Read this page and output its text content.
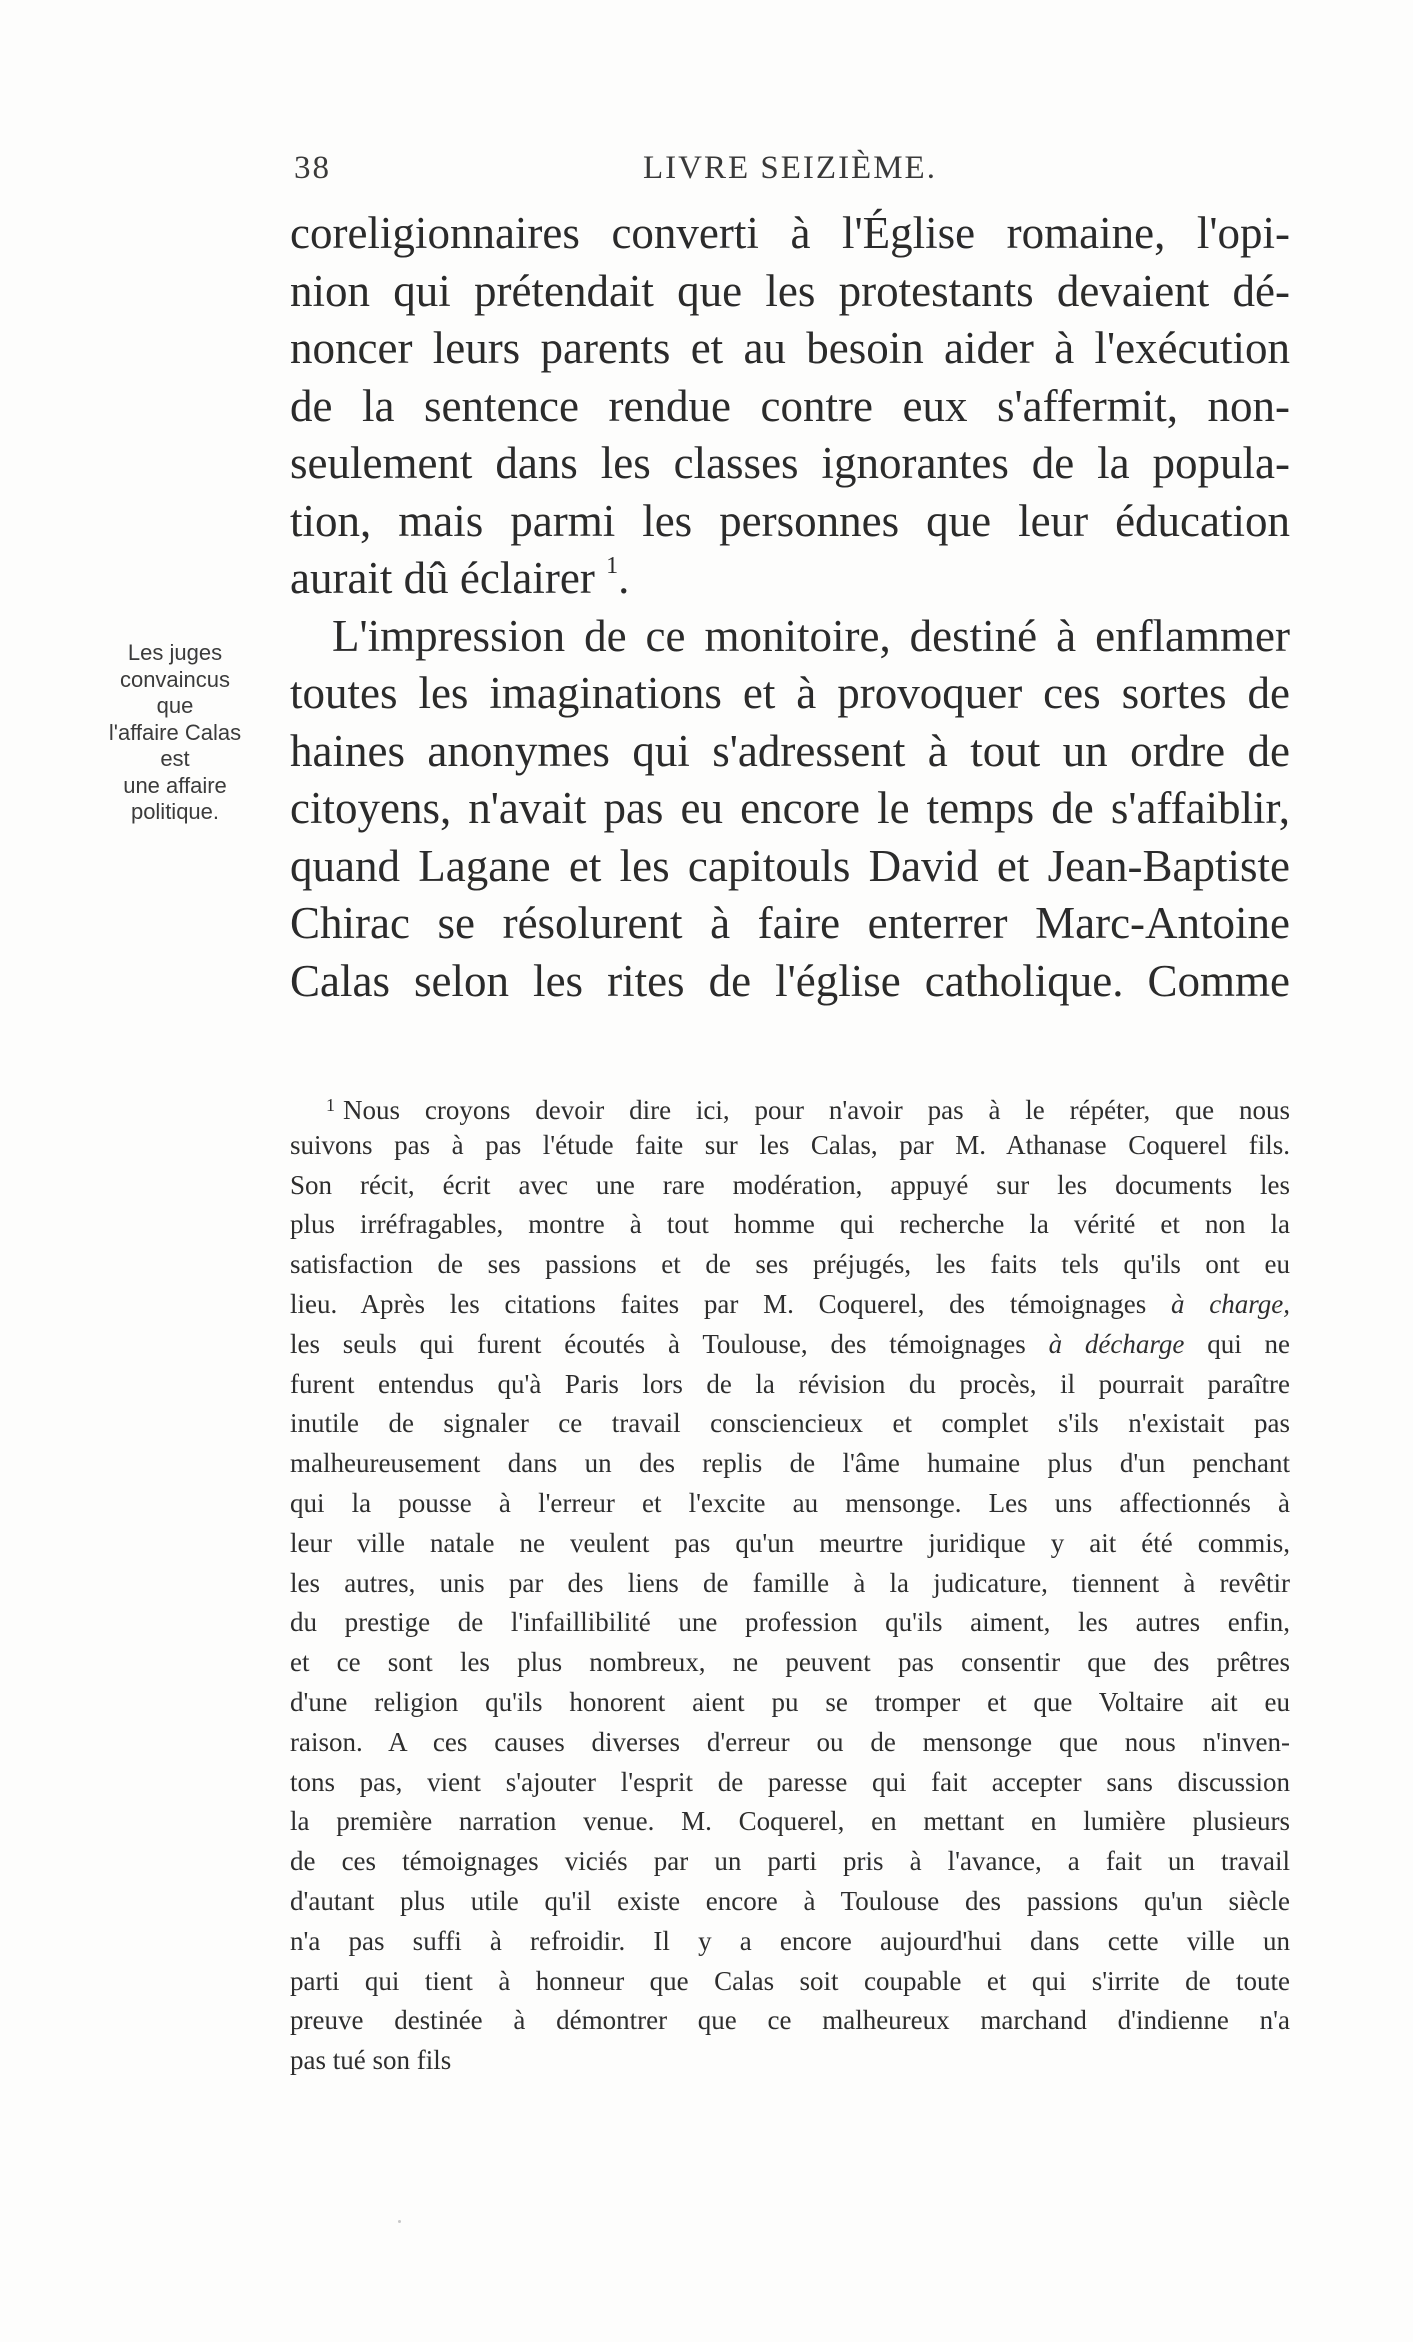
38	LIVRE SEIZIÈME.
Les juges
convaincus
que
l'affaire Calas
est
une affaire
politique.
coreligionnaires converti à l'Église romaine, l'opi-
nion qui prétendait que les protestants devaient dé-
noncer leurs parents et au besoin aider à l'exécution
de la sentence rendue contre eux s'affermit, non-
seulement dans les classes ignorantes de la popula-
tion, mais parmi les personnes que leur éducation
aurait dû éclairer $^1$.
L'impression de ce monitoire, destiné à enflammer
toutes les imaginations et à provoquer ces sortes de
haines anonymes qui s'adressent à tout un ordre de
citoyens, n'avait pas eu encore le temps de s'affaiblir,
quand Lagane et les capitouls David et Jean-Baptiste
Chirac se résolurent à faire enterrer Marc-Antoine
Calas selon les rites de l'église catholique. Comme
$^1$ Nous croyons devoir dire ici, pour n'avoir pas à le répéter, que nous
suivons pas à pas l'étude faite sur les Calas, par M. Athanase Coquerel fils.
Son récit, écrit avec une rare modération, appuyé sur les documents les
plus irréfragables, montre à tout homme qui recherche la vérité et non la
satisfaction de ses passions et de ses préjugés, les faits tels qu'ils ont eu
lieu. Après les citations faites par M. Coquerel, des témoignages à charge,
les seuls qui furent écoutés à Toulouse, des témoignages à décharge qui ne
furent entendus qu'à Paris lors de la révision du procès, il pourrait paraître
inutile de signaler ce travail consciencieux et complet s'ils n'existait pas
malheureusement dans un des replis de l'âme humaine plus d'un penchant
qui la pousse à l'erreur et l'excite au mensonge. Les uns affectionnés à
leur ville natale ne veulent pas qu'un meurtre juridique y ait été commis,
les autres, unis par des liens de famille à la judicature, tiennent à revêtir
du prestige de l'infaillibilité une profession qu'ils aiment, les autres enfin,
et ce sont les plus nombreux, ne peuvent pas consentir que des prêtres
d'une religion qu'ils honorent aient pu se tromper et que Voltaire ait eu
raison. A ces causes diverses d'erreur ou de mensonge que nous n'inven-
tons pas, vient s'ajouter l'esprit de paresse qui fait accepter sans discussion
la première narration venue. M. Coquerel, en mettant en lumière plusieurs
de ces témoignages viciés par un parti pris à l'avance, a fait un travail
d'autant plus utile qu'il existe encore à Toulouse des passions qu'un siècle
n'a pas suffi à refroidir. Il y a encore aujourd'hui dans cette ville un
parti qui tient à honneur que Calas soit coupable et qui s'irrite de toute
preuve destinée à démontrer que ce malheureux marchand d'indienne n'a
pas tué son fils
